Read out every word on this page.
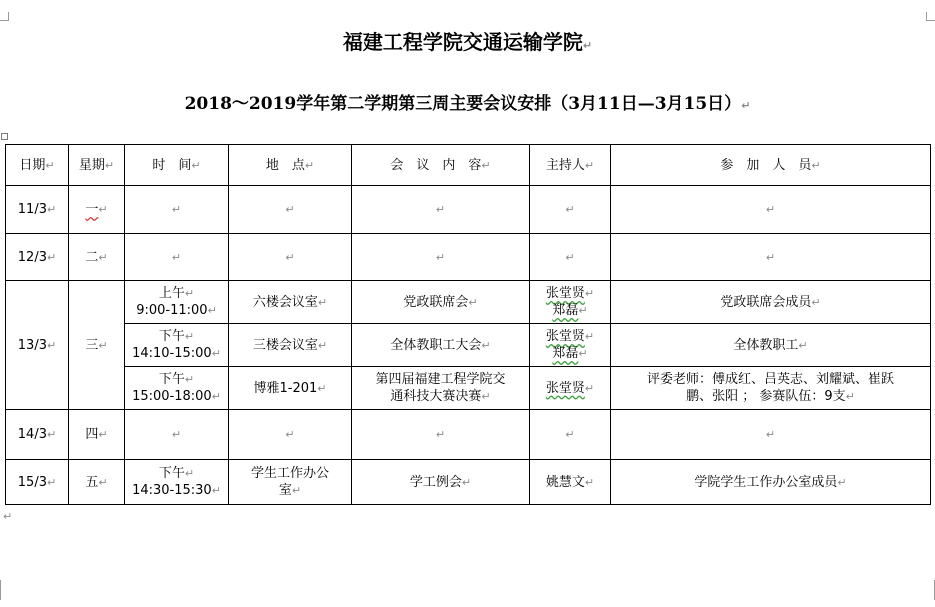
福建工程学院交通运输学院↵
2018～2019学年第二学期第三周主要会议安排（3月11日—3月15日）↵
日期↵	星期↵	时　间↵	地　点↵	会　议　内　容↵	主持人↵	参　加　人　员↵
11/3↵	一↵	↵	↵	↵	↵	↵
12/3↵	二↵	↵	↵	↵	↵	↵
13/3↵	三↵	上午↵
9:00-11:00↵	六楼会议室↵	党政联席会↵	张堂贤↵
郑磊↵	党政联席会成员↵
		下午↵
14:10-15:00↵	三楼会议室↵	全体教职工大会↵	张堂贤↵
郑磊↵	全体教职工↵
		下午↵
15:00-18:00↵	博雅1-201↵	第四届福建工程学院交
通科技大赛决赛↵	张堂贤↵	评委老师：傅成红、吕英志、刘耀斌、崔跃
鹏、张阳 ； 参赛队伍：9支↵
14/3↵	四↵	↵	↵	↵	↵	↵
15/3↵	五↵	下午↵
14:30-15:30↵	学生工作办公
室↵	学工例会↵	姚慧文↵	学院学生工作办公室成员↵
↵
